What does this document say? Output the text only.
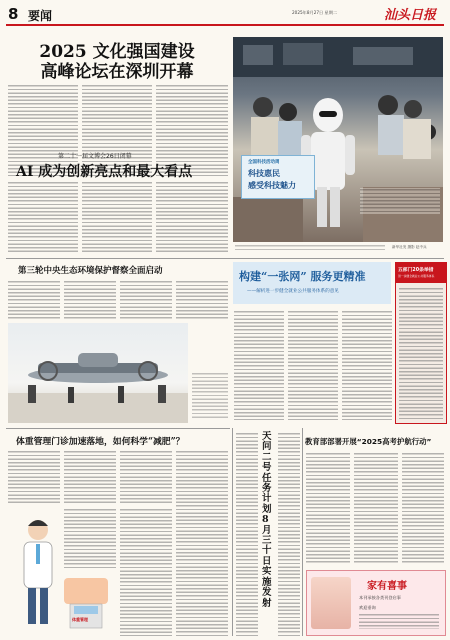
8 要闻	2025年8月27日 星期二	汕头日报
2025 文化强国建设
高峰论坛在深圳开幕
全国科技活动周
科技惠民
感受科技魅力
新华社发 摄影 赵中兵
第二十一届文博会26日闭幕
AI 成为创新亮点和最大看点
第三轮中央生态环境保护督察全面启动	构建“一张网” 服务更精准
——解析进一步健全就业公共服务体系的意见
五部门20条举措
进一步健全就业公共服务体系
体重管理门诊加速落地，如何科学“减肥”？
体重管理
天问二号任务计划8月三十日实施发射
教育部部署开展“2025高考护航行动”
家有喜事
本刊承接各类刊登启事
欢迎垂询
